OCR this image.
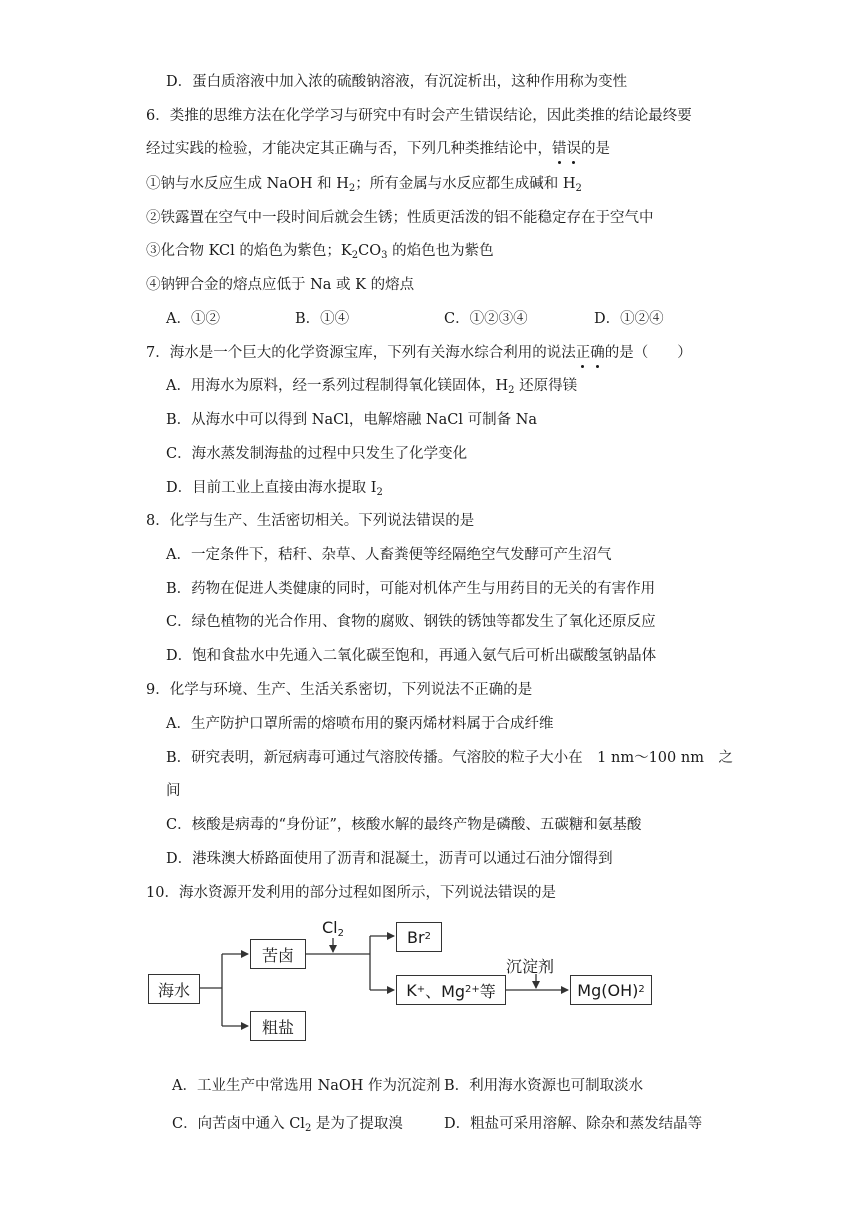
D．蛋白质溶液中加入浓的硫酸钠溶液，有沉淀析出，这种作用称为变性
6．类推的思维方法在化学学习与研究中有时会产生错误结论，因此类推的结论最终要
经过实践的检验，才能决定其正确与否，下列几种类推结论中，错误的是
①钠与水反应生成 NaOH 和 $H_2$；所有金属与水反应都生成碱和 $H_2$
②铁露置在空气中一段时间后就会生锈；性质更活泼的铝不能稳定存在于空气中
③化合物 KCl 的焰色为紫色；$K_2CO_3$ 的焰色也为紫色
④钠钾合金的熔点应低于 Na 或 K 的熔点
A．①②	B．①④	C．①②③④	D．①②④
7．海水是一个巨大的化学资源宝库，下列有关海水综合利用的说法正确的是（　　）
A．用海水为原料，经一系列过程制得氧化镁固体，$H_2$ 还原得镁
B．从海水中可以得到 NaCl，电解熔融 NaCl 可制备 Na
C．海水蒸发制海盐的过程中只发生了化学变化
D．目前工业上直接由海水提取 $I_2$
8．化学与生产、生活密切相关。下列说法错误的是
A．一定条件下，秸秆、杂草、人畜粪便等经隔绝空气发酵可产生沼气
B．药物在促进人类健康的同时，可能对机体产生与用药目的无关的有害作用
C．绿色植物的光合作用、食物的腐败、钢铁的锈蚀等都发生了氧化还原反应
D．饱和食盐水中先通入二氧化碳至饱和，再通入氨气后可析出碳酸氢钠晶体
9．化学与环境、生产、生活关系密切，下列说法不正确的是
A．生产防护口罩所需的熔喷布用的聚丙烯材料属于合成纤维
B．研究表明，新冠病毒可通过气溶胶传播。气溶胶的粒子大小在　1 nm～100 nm　之
间
C．核酸是病毒的“身份证”，核酸水解的最终产物是磷酸、五碳糖和氨基酸
D．港珠澳大桥路面使用了沥青和混凝土，沥青可以通过石油分馏得到
10．海水资源开发利用的部分过程如图所示，下列说法错误的是
海水
苦卤
粗盐
Br 2
K + 、Mg 2+ 等	Mg(OH) 2
$Cl_2$
沉淀剂
A．工业生产中常选用 NaOH 作为沉淀剂 B．利用海水资源也可制取淡水
C．向苦卤中通入 $Cl_2$ 是为了提取溴	D．粗盐可采用溶解、除杂和蒸发结晶等
